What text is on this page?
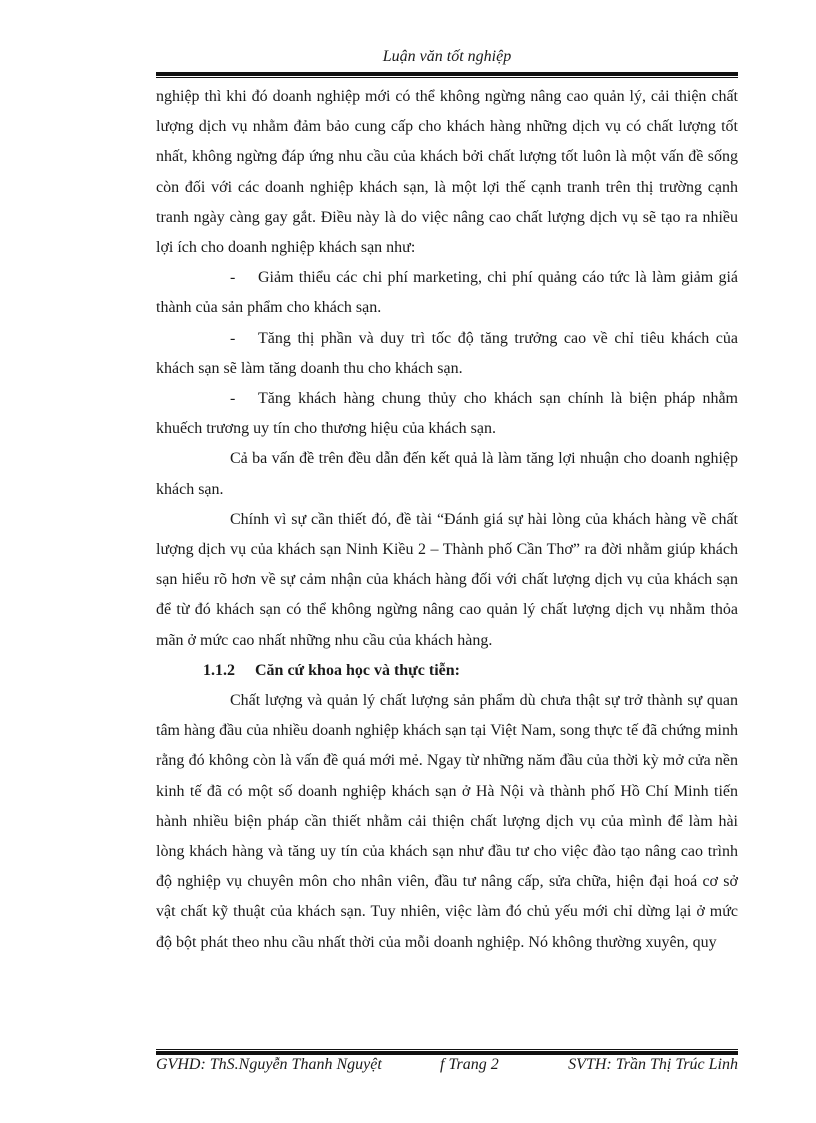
Luận văn tốt nghiệp

nghiệp thì khi đó doanh nghiệp mới có thể không ngừng nâng cao quản lý, cải thiện chất lượng dịch vụ nhằm đảm bảo cung cấp cho khách hàng những dịch vụ có chất lượng tốt nhất, không ngừng đáp ứng nhu cầu của khách bởi chất lượng tốt luôn là một vấn đề sống còn đối với các doanh nghiệp khách sạn, là một lợi thế cạnh tranh trên thị trường cạnh tranh ngày càng gay gắt. Điều này là do việc nâng cao chất lượng dịch vụ sẽ tạo ra nhiều lợi ích cho doanh nghiệp khách sạn như:

- Giảm thiểu các chi phí marketing, chi phí quảng cáo tức là làm giảm giá thành của sản phẩm cho khách sạn.

- Tăng thị phần và duy trì tốc độ tăng trưởng cao về chỉ tiêu khách của khách sạn sẽ làm tăng doanh thu cho khách sạn.

- Tăng khách hàng chung thủy cho khách sạn chính là biện pháp nhằm khuếch trương uy tín cho thương hiệu của khách sạn.

Cả ba vấn đề trên đều dẫn đến kết quả là làm tăng lợi nhuận cho doanh nghiệp khách sạn.

Chính vì sự cần thiết đó, đề tài “Đánh giá sự hài lòng của khách hàng về chất lượng dịch vụ của khách sạn Ninh Kiều 2 – Thành phố Cần Thơ” ra đời nhằm giúp khách sạn hiểu rõ hơn về sự cảm nhận của khách hàng đối với chất lượng dịch vụ của khách sạn để từ đó khách sạn có thể không ngừng nâng cao quản lý chất lượng dịch vụ nhằm thỏa mãn ở mức cao nhất những nhu cầu của khách hàng.

1.1.2 Căn cứ khoa học và thực tiễn:

Chất lượng và quản lý chất lượng sản phẩm dù chưa thật sự trở thành sự quan tâm hàng đầu của nhiều doanh nghiệp khách sạn tại Việt Nam, song thực tế đã chứng minh rằng đó không còn là vấn đề quá mới mẻ. Ngay từ những năm đầu của thời kỳ mở cửa nền kinh tế đã có một số doanh nghiệp khách sạn ở Hà Nội và thành phố Hồ Chí Minh tiến hành nhiều biện pháp cần thiết nhằm cải thiện chất lượng dịch vụ của mình để làm hài lòng khách hàng và tăng uy tín của khách sạn như đầu tư cho việc đào tạo nâng cao trình độ nghiệp vụ chuyên môn cho nhân viên, đầu tư nâng cấp, sửa chữa, hiện đại hoá cơ sở vật chất kỹ thuật của khách sạn. Tuy nhiên, việc làm đó chủ yếu mới chỉ dừng lại ở mức độ bột phát theo nhu cầu nhất thời của mỗi doanh nghiệp. Nó không thường xuyên, quy

GVHD: ThS.Nguyễn Thanh Nguyệt	f Trang 2	SVTH: Trần Thị Trúc Linh
